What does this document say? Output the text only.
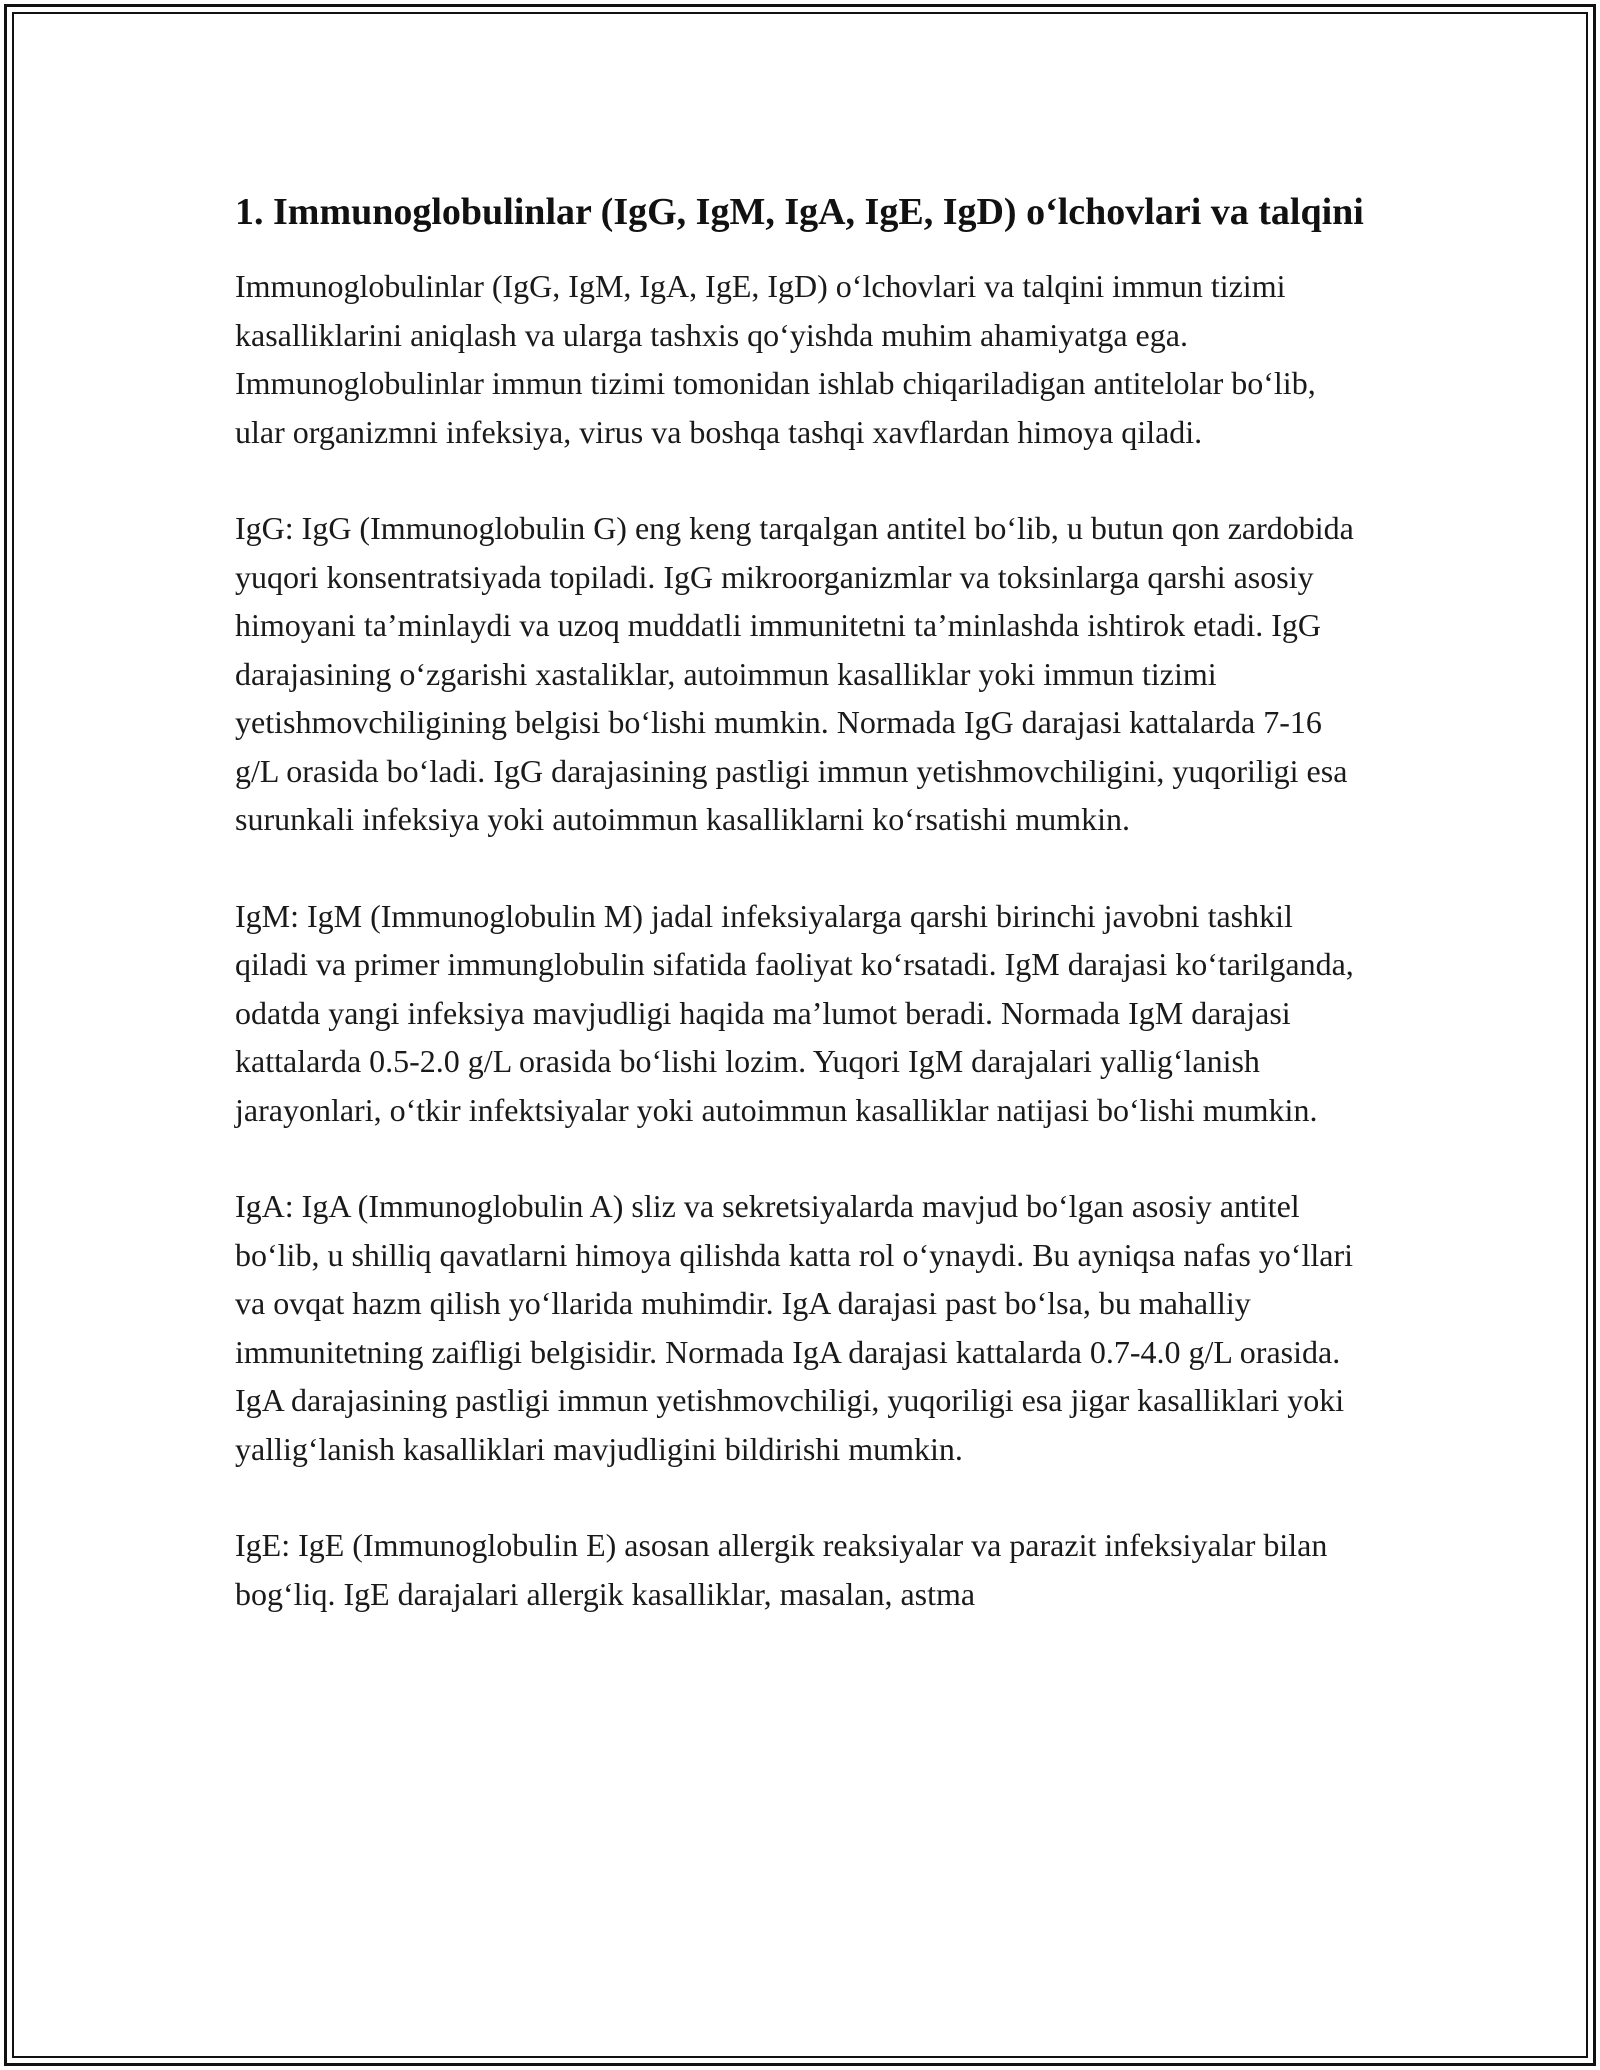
1. Immunoglobulinlar (IgG, IgM, IgA, IgE, IgD) o‘lchovlari va talqini

Immunoglobulinlar (IgG, IgM, IgA, IgE, IgD) o‘lchovlari va talqini immun tizimi kasalliklarini aniqlash va ularga tashxis qo‘yishda muhim ahamiyatga ega. Immunoglobulinlar immun tizimi tomonidan ishlab chiqariladigan antitelolar bo‘lib, ular organizmni infeksiya, virus va boshqa tashqi xavflardan himoya qiladi.

IgG: IgG (Immunoglobulin G) eng keng tarqalgan antitel bo‘lib, u butun qon zardobida yuqori konsentratsiyada topiladi. IgG mikroorganizmlar va toksinlarga qarshi asosiy himoyani ta’minlaydi va uzoq muddatli immunitetni ta’minlashda ishtirok etadi. IgG darajasining o‘zgarishi xastaliklar, autoimmun kasalliklar yoki immun tizimi yetishmovchiligining belgisi bo‘lishi mumkin. Normada IgG darajasi kattalarda 7-16 g/L orasida bo‘ladi. IgG darajasining pastligi immun yetishmovchiligini, yuqoriligi esa surunkali infeksiya yoki autoimmun kasalliklarni ko‘rsatishi mumkin.

IgM: IgM (Immunoglobulin M) jadal infeksiyalarga qarshi birinchi javobni tashkil qiladi va primer immunglobulin sifatida faoliyat ko‘rsatadi. IgM darajasi ko‘tarilganda, odatda yangi infeksiya mavjudligi haqida ma’lumot beradi. Normada IgM darajasi kattalarda 0.5-2.0 g/L orasida bo‘lishi lozim. Yuqori IgM darajalari yallig‘lanish jarayonlari, o‘tkir infektsiyalar yoki autoimmun kasalliklar natijasi bo‘lishi mumkin.

IgA: IgA (Immunoglobulin A) sliz va sekretsiyalarda mavjud bo‘lgan asosiy antitel bo‘lib, u shilliq qavatlarni himoya qilishda katta rol o‘ynaydi. Bu ayniqsa nafas yo‘llari va ovqat hazm qilish yo‘llarida muhimdir. IgA darajasi past bo‘lsa, bu mahalliy immunitetning zaifligi belgisidir. Normada IgA darajasi kattalarda 0.7-4.0 g/L orasida. IgA darajasining pastligi immun yetishmovchiligi, yuqoriligi esa jigar kasalliklari yoki yallig‘lanish kasalliklari mavjudligini bildirishi mumkin.

IgE: IgE (Immunoglobulin E) asosan allergik reaksiyalar va parazit infeksiyalar bilan bog‘liq. IgE darajalari allergik kasalliklar, masalan, astma
